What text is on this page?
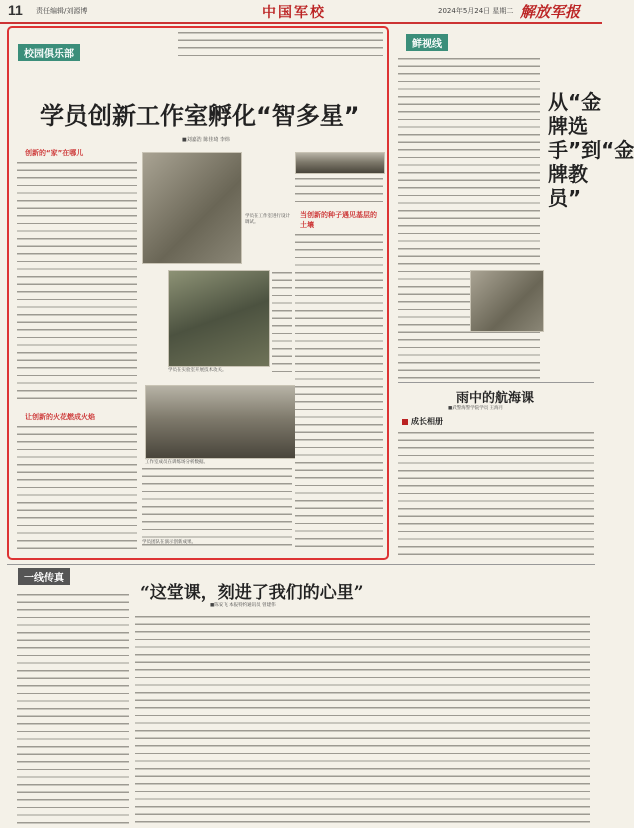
11 责任编辑/刘源博	中国军校	2024年5月24日 星期二 解放军报
校园俱乐部
学员创新工作室孵化“智多星”
■刘嘉浩 陈佳琦 李炜
学员在工作室进行设计调试。
学员在实验室开展技术攻关。
工作室成员在训练场分析数据。
创新的“家”在哪儿
让创新的火花燃成火焰
当创新的种子遇见基层的土壤
学员团队在演示创新成果。
鲜视线
从“金牌选手”到“金牌教员”
雨中的航海课
■武警海警学院学员 王海月
成长相册
一线传真
“这堂课，刻进了我们的心里”
■陈安飞 本报特约通讯员 曾建伟
